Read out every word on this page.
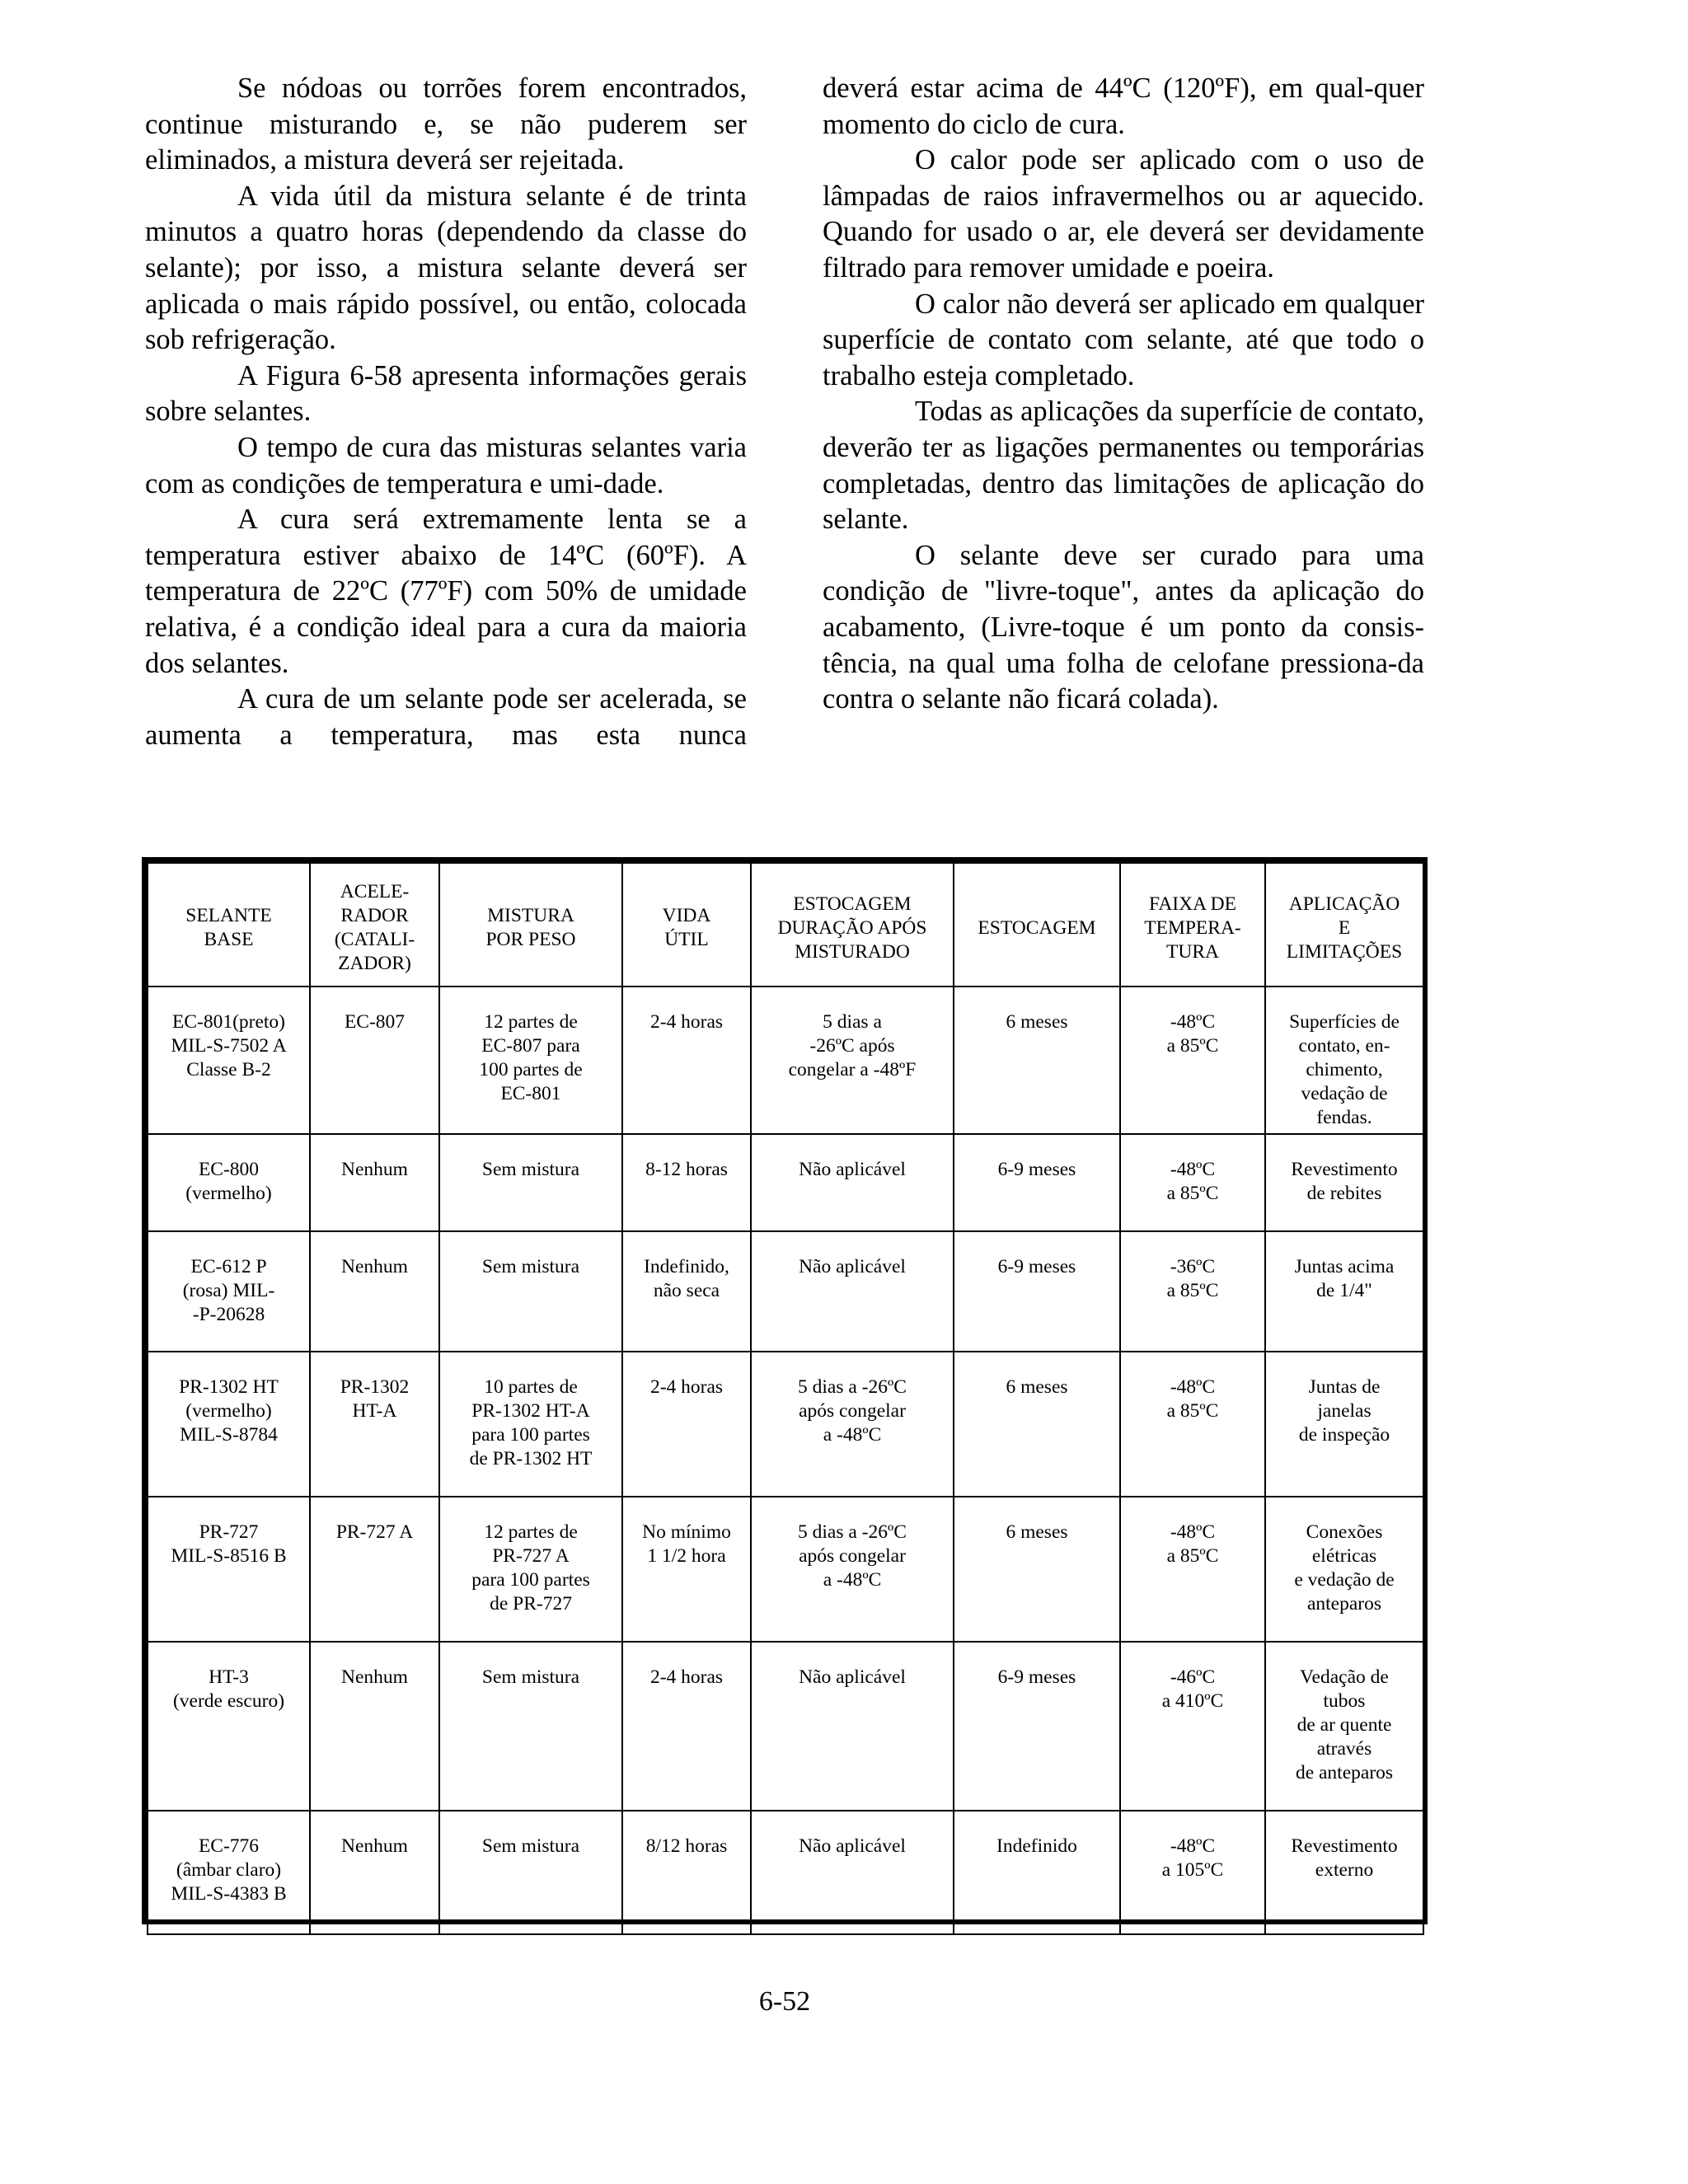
Se nódoas ou torrões forem encontrados, continue misturando e, se não puderem ser eliminados, a mistura deverá ser rejeitada.

A vida útil da mistura selante é de trinta minutos a quatro horas (dependendo da classe do selante); por isso, a mistura selante deverá ser aplicada o mais rápido possível, ou então, colocada sob refrigeração.

A Figura 6-58 apresenta informações gerais sobre selantes.

O tempo de cura das misturas selantes varia com as condições de temperatura e umi-dade.

A cura será extremamente lenta se a temperatura estiver abaixo de 14ºC (60ºF). A temperatura de 22ºC (77ºF) com 50% de umidade relativa, é a condição ideal para a cura da maioria dos selantes.

A cura de um selante pode ser acelerada, se aumenta a temperatura, mas esta nunca

deverá estar acima de 44ºC (120ºF), em qual-quer momento do ciclo de cura.

O calor pode ser aplicado com o uso de lâmpadas de raios infravermelhos ou ar aquecido. Quando for usado o ar, ele deverá ser devidamente filtrado para remover umidade e poeira.

O calor não deverá ser aplicado em qualquer superfície de contato com selante, até que todo o trabalho esteja completado.

Todas as aplicações da superfície de contato, deverão ter as ligações permanentes ou temporárias completadas, dentro das limitações de aplicação do selante.

O selante deve ser curado para uma condição de "livre-toque", antes da aplicação do acabamento, (Livre-toque é um ponto da consis-tência, na qual uma folha de celofane pressiona-da contra o selante não ficará colada).

SELANTE
BASE	ACELE-
RADOR
(CATALI-
ZADOR)	MISTURA
POR PESO	VIDA
ÚTIL	ESTOCAGEM
DURAÇÃO APÓS
MISTURADO	ESTOCAGEM	FAIXA DE
TEMPERA-
TURA	APLICAÇÃO
E
LIMITAÇÕES

EC-801(preto)
MIL-S-7502 A
Classe B-2	EC-807	12 partes de
EC-807 para
100 partes de
EC-801	2-4 horas	5 dias a
-26ºC após
congelar a -48ºF	6 meses	-48ºC
a 85ºC	Superfícies de
contato, en-
chimento,
vedação de
fendas.

EC-800
(vermelho)	Nenhum	Sem mistura	8-12 horas	Não aplicável	6-9 meses	-48ºC
a 85ºC	Revestimento
de rebites

EC-612 P
(rosa) MIL-
-P-20628	Nenhum	Sem mistura	Indefinido,
não seca	Não aplicável	6-9 meses	-36ºC
a 85ºC	Juntas acima
de 1/4"

PR-1302 HT
(vermelho)
MIL-S-8784	PR-1302
HT-A	10 partes de
PR-1302 HT-A
para 100 partes
de PR-1302 HT	2-4 horas	5 dias a -26ºC
após congelar
a -48ºC	6 meses	-48ºC
a 85ºC	Juntas de
janelas
de inspeção

PR-727
MIL-S-8516 B	PR-727 A	12 partes de
PR-727 A
para 100 partes
de PR-727	No mínimo
1 1/2 hora	5 dias a -26ºC
após congelar
a -48ºC	6 meses	-48ºC
a 85ºC	Conexões
elétricas
e vedação de
anteparos

HT-3
(verde escuro)	Nenhum	Sem mistura	2-4 horas	Não aplicável	6-9 meses	-46ºC
a 410ºC	Vedação de
tubos
de ar quente
através
de anteparos

EC-776
(âmbar claro)
MIL-S-4383 B	Nenhum	Sem mistura	8/12 horas	Não aplicável	Indefinido	-48ºC
a 105ºC	Revestimento
externo
6-52
